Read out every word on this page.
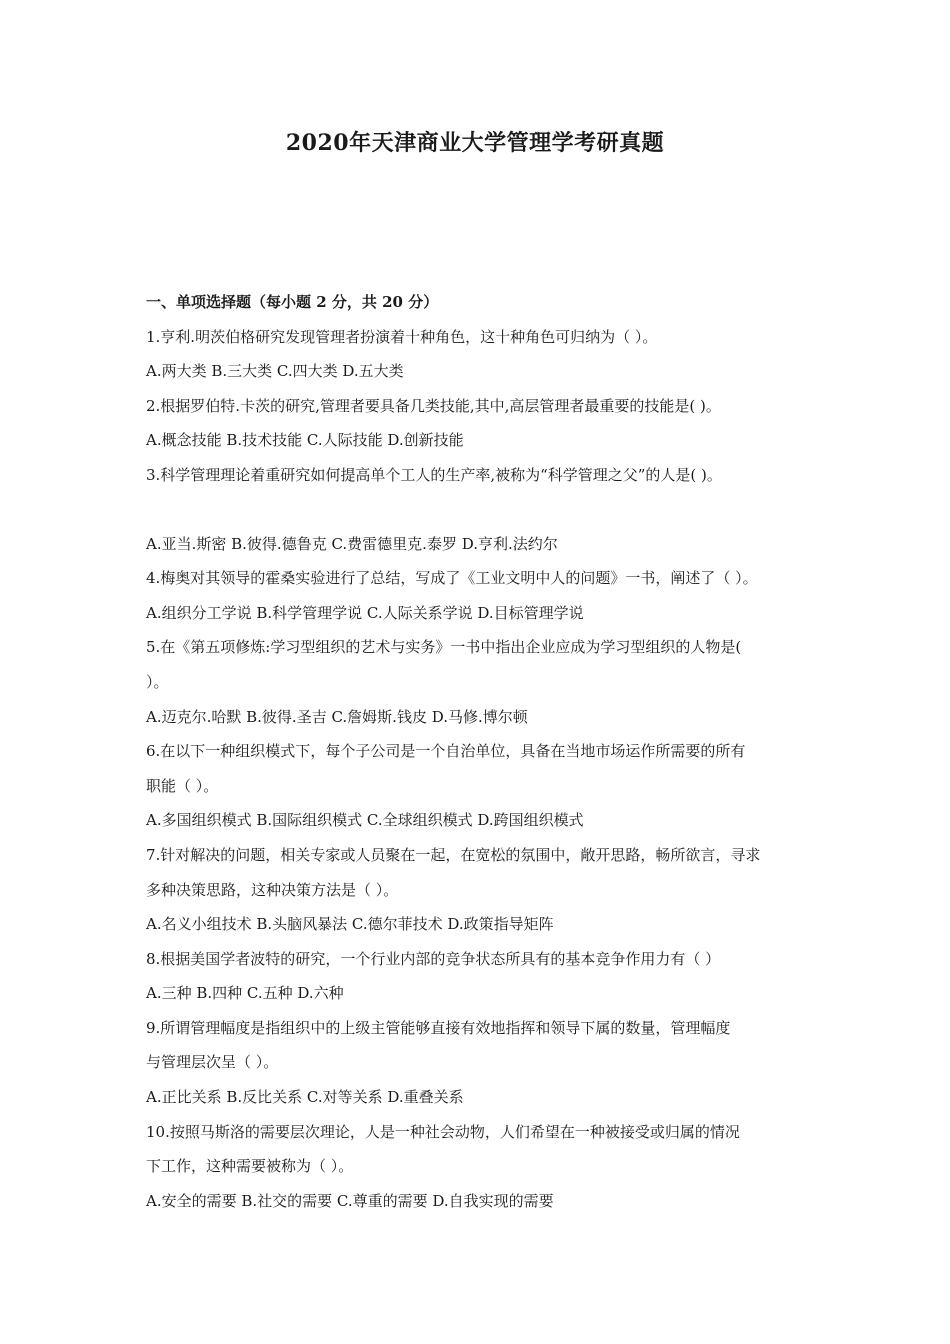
2020年天津商业大学管理学考研真题
一、单项选择题（每小题 2 分，共 20 分）
1.亨利.明茨伯格研究发现管理者扮演着十种角色，这十种角色可归纳为（ ）。
A.两大类 B.三大类 C.四大类 D.五大类
2.根据罗伯特.卡茨的研究,管理者要具备几类技能,其中,高层管理者最重要的技能是( )。
A.概念技能 B.技术技能 C.人际技能 D.创新技能
3.科学管理理论着重研究如何提高单个工人的生产率,被称为“科学管理之父”的人是( )。
A.亚当.斯密 B.彼得.德鲁克 C.费雷德里克.泰罗 D.亨利.法约尔
4.梅奥对其领导的霍桑实验进行了总结，写成了《工业文明中人的问题》一书，阐述了（ ）。
A.组织分工学说 B.科学管理学说 C.人际关系学说 D.目标管理学说
5.在《第五项修炼:学习型组织的艺术与实务》一书中指出企业应成为学习型组织的人物是(
）。
A.迈克尔.哈默 B.彼得.圣吉 C.詹姆斯.钱皮 D.马修.博尔顿
6.在以下一种组织模式下，每个子公司是一个自治单位，具备在当地市场运作所需要的所有
职能（ ）。
A.多国组织模式 B.国际组织模式 C.全球组织模式 D.跨国组织模式
7.针对解决的问题，相关专家或人员聚在一起，在宽松的氛围中，敞开思路，畅所欲言，寻求
多种决策思路，这种决策方法是（ ）。
A.名义小组技术 B.头脑风暴法 C.德尔菲技术 D.政策指导矩阵
8.根据美国学者波特的研究，一个行业内部的竞争状态所具有的基本竞争作用力有（ ）
A.三种 B.四种 C.五种 D.六种
9.所谓管理幅度是指组织中的上级主管能够直接有效地指挥和领导下属的数量，管理幅度
与管理层次呈（ ）。
A.正比关系 B.反比关系 C.对等关系 D.重叠关系
10.按照马斯洛的需要层次理论，人是一种社会动物，人们希望在一种被接受或归属的情况
下工作，这种需要被称为（ ）。
A.安全的需要 B.社交的需要 C.尊重的需要 D.自我实现的需要
